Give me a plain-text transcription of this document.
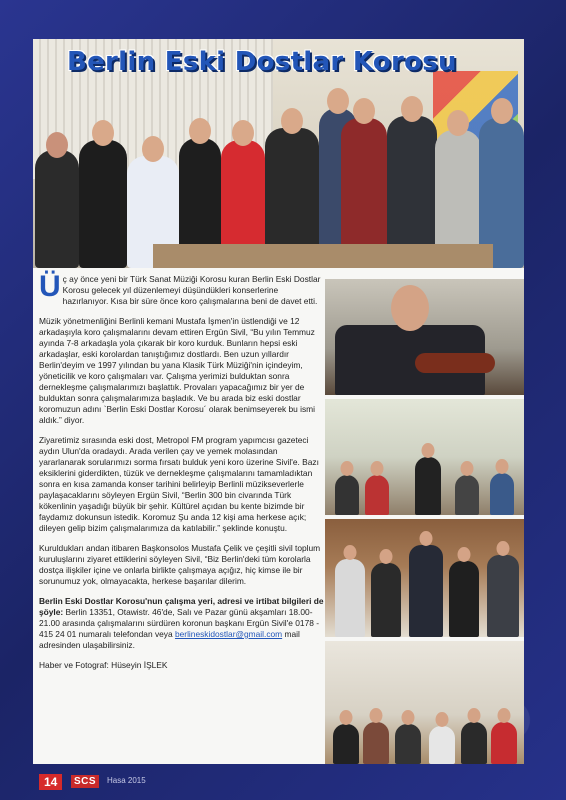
Berlin Eski Dostlar Korosu

Üç ay önce yeni bir Türk Sanat Müziği Korosu kuran Berlin Eski Dostlar Korosu gelecek yıl düzenlemeyi düşündükleri konserlerine hazırlanıyor. Kısa bir süre önce koro çalışmalarına beni de davet etti.

Müzik yönetmenliğini Berlinli kemani Mustafa İşmen'in üstlendiği ve 12 arkadaşıyla koro çalışmalarını devam ettiren Ergün Sivil, “Bu yılın Temmuz ayında 7-8 arkadaşla yola çıkarak bir koro kurduk. Bunların hepsi eski arkadaşlar, eski korolardan tanıştığımız dostlardı. Ben uzun yıllardır Berlin'deyim ve 1997 yılından bu yana Klasik Türk Müziği'nin içindeyim, yöneticilik ve koro çalışmaları var. Çalışma yerimizi bulduktan sonra dernekleşme çalışmalarımızı başlattık. Provaları yapacağımız bir yer de bulduktan sonra çalışmalarımıza başladık. Ve bu arada biz eski dostlar koromuzun adını `Berlin Eski Dostlar Korosu´ olarak benimseyerek bu ismi aldık.” diyor.

Ziyaretimiz sırasında eski dost, Metropol FM program yapımcısı gazeteci aydın Ulun'da oradaydı. Arada verilen çay ve yemek molasından yararlanarak sorularımızı sorma fırsatı bulduk yeni koro üzerine Sivil'e. Bazı eksiklerini giderdikten, tüzük ve dernekleşme çalışmalarını tamamladıktan sonra en kısa zamanda konser tarihini belirleyip Berlinli müzikseverlerle paylaşacaklarını söyleyen Ergün Sivil, “Berlin 300 bin civarında Türk kökenlinin yaşadığı büyük bir şehir. Kültürel açıdan bu kente bizimde bir faydamız dokunsun istedik. Koromuz Şu anda 12 kişi ama herkese açık; dileyen gelip bizim çalışmalarımıza da katılabilir.” şeklinde konuştu.

Kuruldukları andan itibaren Başkonsolos Mustafa Çelik ve çeşitli sivil toplum kuruluşlarını ziyaret ettiklerini söyleyen Sivil, “Biz Berlin'deki tüm korolarla dostça ilişkiler içine ve onlarla birlikte çalışmaya açığız, hiç kimse ile bir sorunumuz yok, olmayacakta, herkese başarılar dilerim.

Berlin Eski Dostlar Korosu'nun çalışma yeri, adresi ve irtibat bilgileri de şöyle: Berlin 13351, Otawistr. 46'de, Salı ve Pazar günü akşamları 18.00-21.00 arasında çalışmalarını sürdüren koronun başkanı Ergün Sivil'e 0178 - 415 24 01 numaralı telefondan veya berlineskidostlar@gmail.com mail adresinden ulaşabilirsiniz.

Haber ve Fotograf: Hüseyin İŞLEK

14	SCS	Hasa 2015
